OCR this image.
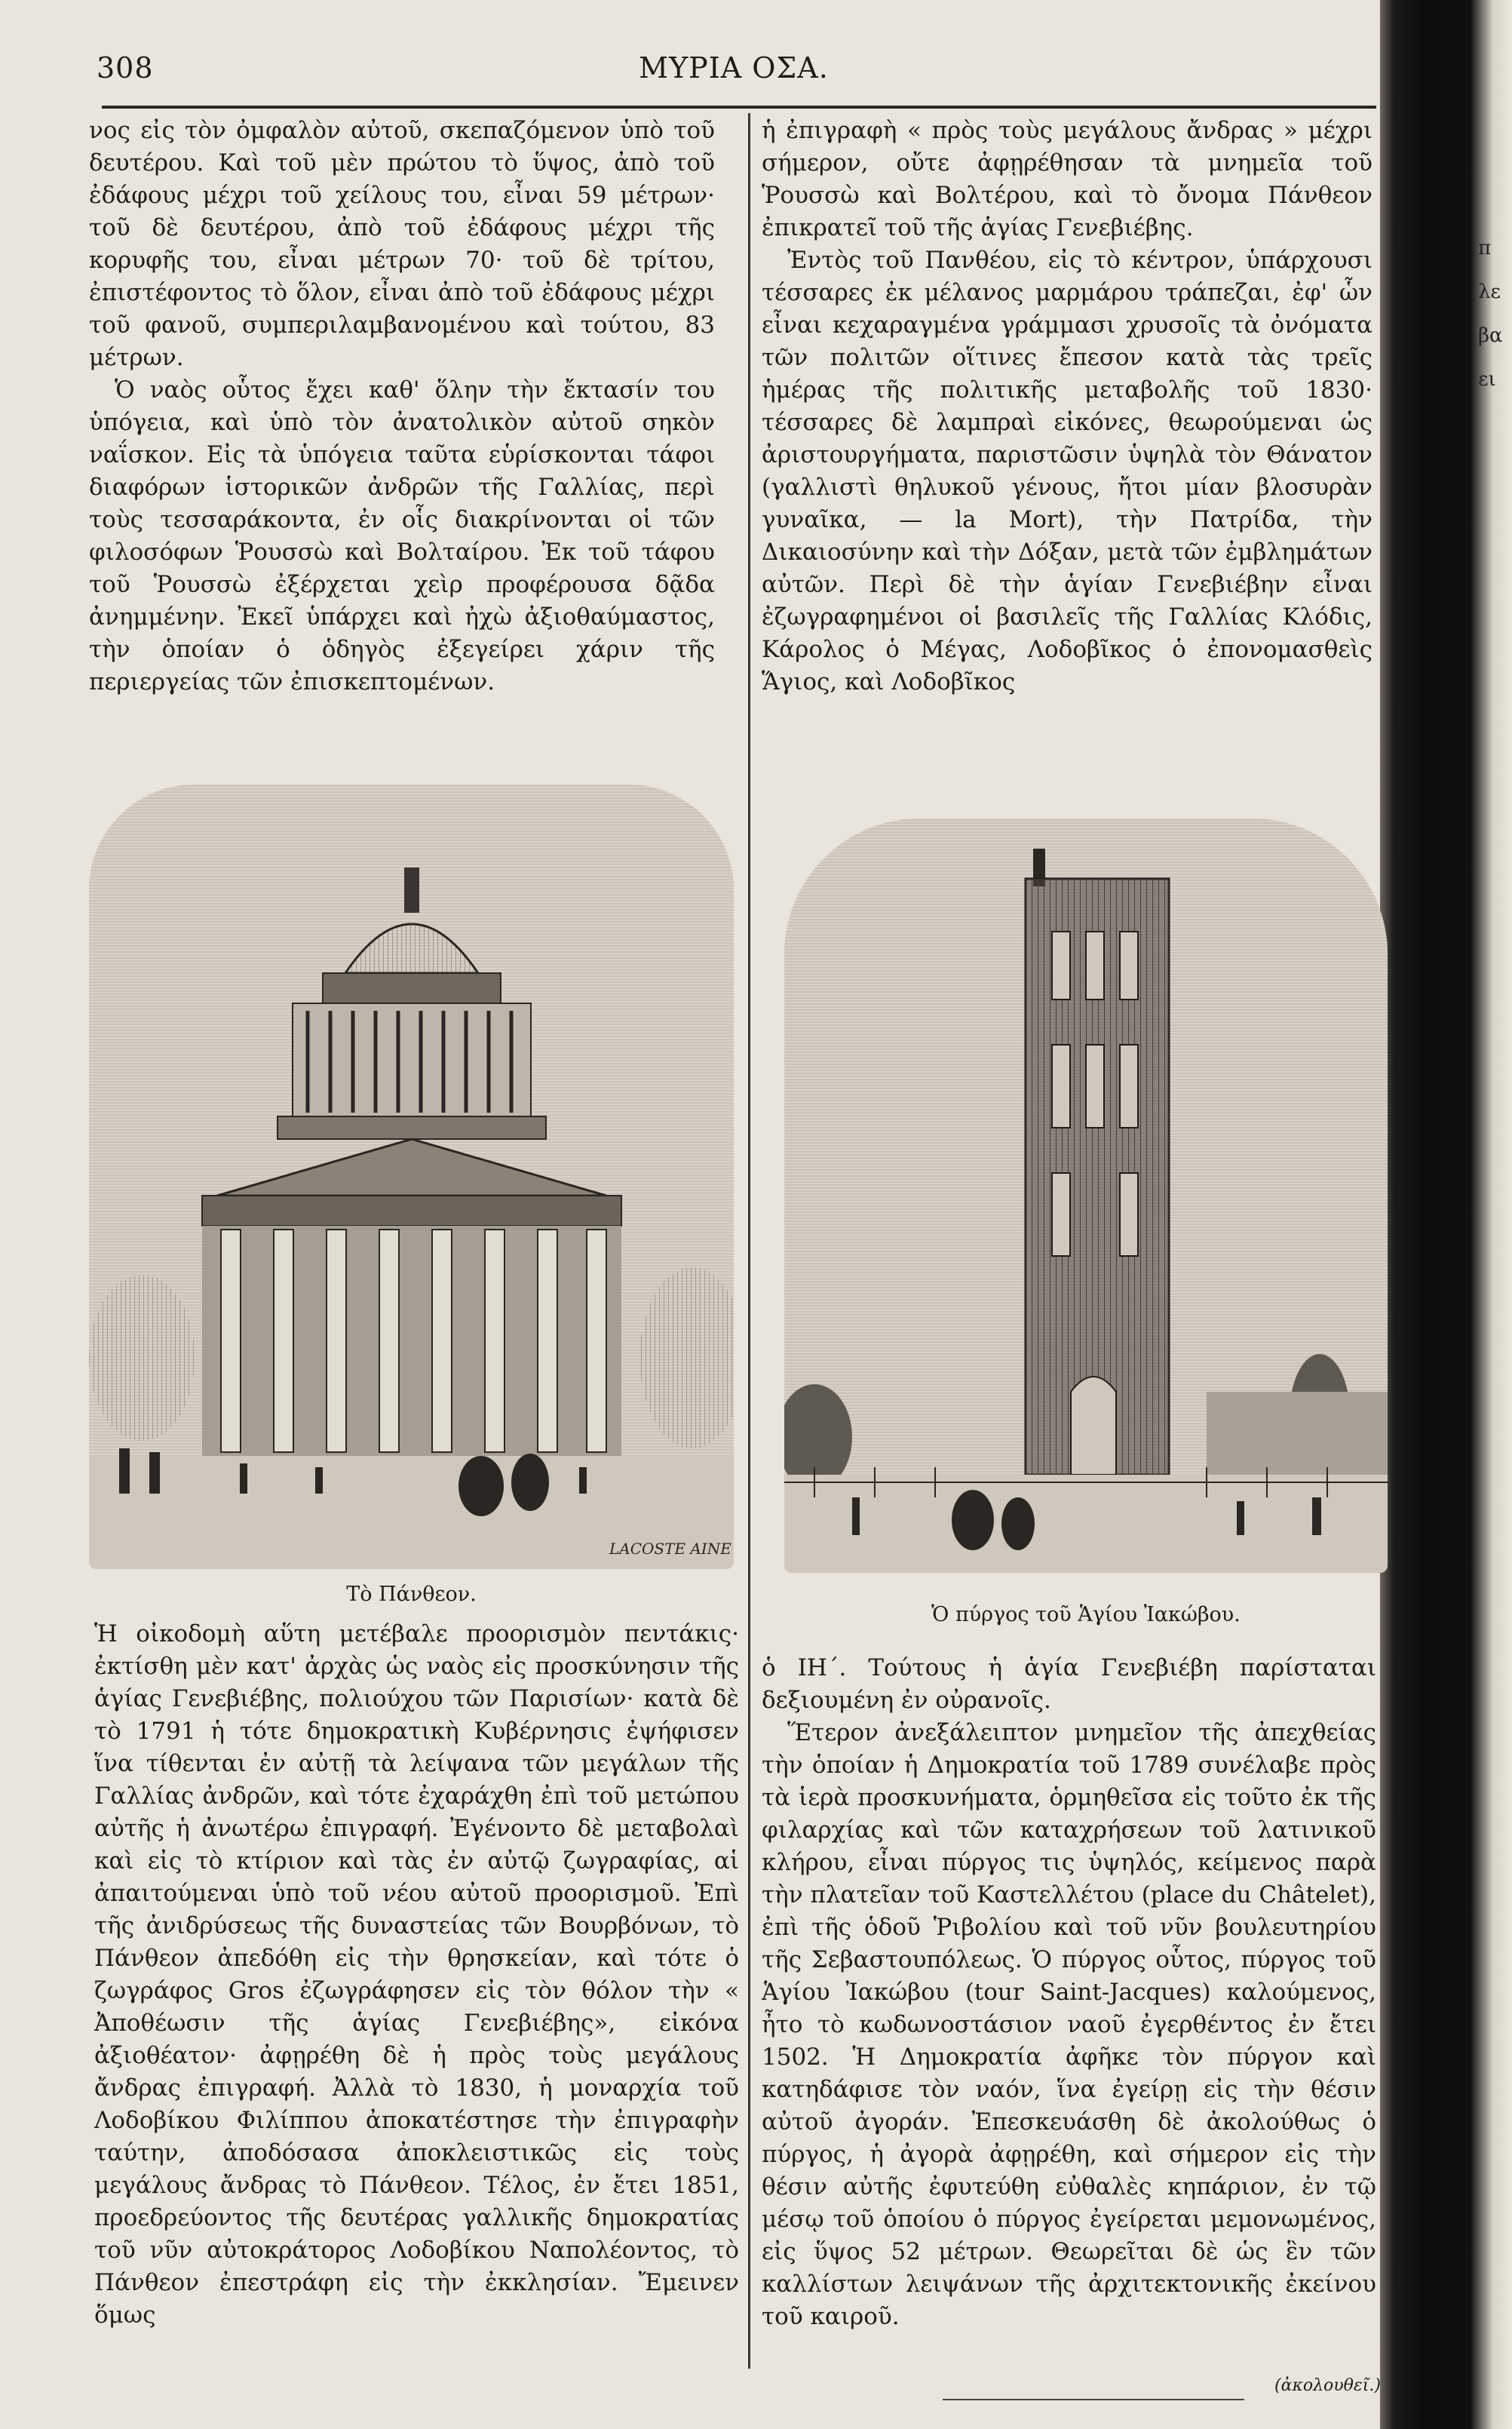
π
λε
βα
ει
308	ΜΥΡΙΑ ΟΣΑ.

νος εἰς τὸν ὀμφαλὸν αὐτοῦ, σκεπαζόμενον ὑπὸ τοῦ δευτέρου. Καὶ τοῦ μὲν πρώτου τὸ ὕψος, ἀπὸ τοῦ ἐδάφους μέχρι τοῦ χείλους του, εἶναι 59 μέτρων· τοῦ δὲ δευτέρου, ἀπὸ τοῦ ἐδάφους μέχρι τῆς κορυφῆς του, εἶναι μέτρων 70· τοῦ δὲ τρίτου, ἐπιστέφοντος τὸ ὅλον, εἶναι ἀπὸ τοῦ ἐδάφους μέχρι τοῦ φανοῦ, συμπεριλαμβανομένου καὶ τούτου, 83 μέτρων.

Ὁ ναὸς οὗτος ἔχει καθ' ὅλην τὴν ἔκτασίν του ὑπόγεια, καὶ ὑπὸ τὸν ἀνατολικὸν αὐτοῦ σηκὸν ναΐσκον. Εἰς τὰ ὑπόγεια ταῦτα εὑρίσκονται τάφοι διαφόρων ἱστορικῶν ἀνδρῶν τῆς Γαλλίας, περὶ τοὺς τεσσαράκοντα, ἐν οἷς διακρίνονται οἱ τῶν φιλοσόφων Ῥουσσὼ καὶ Βολταίρου. Ἐκ τοῦ τάφου τοῦ Ῥουσσὼ ἐξέρχεται χεὶρ προφέρουσα δᾷδα ἀνημμένην. Ἐκεῖ ὑπάρχει καὶ ἠχὼ ἀξιοθαύμαστος, τὴν ὁποίαν ὁ ὁδηγὸς ἐξεγείρει χάριν τῆς περιεργείας τῶν ἐπισκεπτομένων.

ἡ ἐπιγραφὴ « πρὸς τοὺς μεγάλους ἄνδρας » μέχρι σήμερον, οὔτε ἀφῃρέθησαν τὰ μνημεῖα τοῦ Ῥουσσὼ καὶ Βολτέρου, καὶ τὸ ὄνομα Πάνθεον ἐπικρατεῖ τοῦ τῆς ἁγίας Γενεβιέβης.

Ἐντὸς τοῦ Πανθέου, εἰς τὸ κέντρον, ὑπάρχουσι τέσσαρες ἐκ μέλανος μαρμάρου τράπεζαι, ἐφ' ὧν εἶναι κεχαραγμένα γράμμασι χρυσοῖς τὰ ὀνόματα τῶν πολιτῶν οἵτινες ἔπεσον κατὰ τὰς τρεῖς ἡμέρας τῆς πολιτικῆς μεταβολῆς τοῦ 1830· τέσσαρες δὲ λαμπραὶ εἰκόνες, θεωρούμεναι ὡς ἀριστουργήματα, παριστῶσιν ὑψηλὰ τὸν Θάνατον (γαλλιστὶ θηλυκοῦ γένους, ἤτοι μίαν βλοσυρὰν γυναῖκα, — la Mort), τὴν Πατρίδα, τὴν Δικαιοσύνην καὶ τὴν Δόξαν, μετὰ τῶν ἐμβλημάτων αὐτῶν. Περὶ δὲ τὴν ἁγίαν Γενεβιέβην εἶναι ἐζωγραφημένοι οἱ βασιλεῖς τῆς Γαλλίας Κλόδις, Κάρολος ὁ Μέγας, Λοδοβῖκος ὁ ἐπονομασθεὶς Ἅγιος, καὶ Λοδοβῖκος

LACOSTE AINE
Τὸ Πάνθεον.
Ὁ πύργος τοῦ Ἁγίου Ἰακώβου.

Ἡ οἰκοδομὴ αὕτη μετέβαλε προορισμὸν πεντάκις· ἐκτίσθη μὲν κατ' ἀρχὰς ὡς ναὸς εἰς προσκύνησιν τῆς ἁγίας Γενεβιέβης, πολιούχου τῶν Παρισίων· κατὰ δὲ τὸ 1791 ἡ τότε δημοκρατικὴ Κυβέρνησις ἐψήφισεν ἵνα τίθενται ἐν αὐτῇ τὰ λείψανα τῶν μεγάλων τῆς Γαλλίας ἀνδρῶν, καὶ τότε ἐχαράχθη ἐπὶ τοῦ μετώπου αὐτῆς ἡ ἀνωτέρω ἐπιγραφή. Ἐγένοντο δὲ μεταβολαὶ καὶ εἰς τὸ κτίριον καὶ τὰς ἐν αὐτῷ ζωγραφίας, αἱ ἀπαιτούμεναι ὑπὸ τοῦ νέου αὐτοῦ προορισμοῦ. Ἐπὶ τῆς ἀνιδρύσεως τῆς δυναστείας τῶν Βουρβόνων, τὸ Πάνθεον ἀπεδόθη εἰς τὴν θρησκείαν, καὶ τότε ὁ ζωγράφος Gros ἐζωγράφησεν εἰς τὸν θόλον τὴν « Ἀποθέωσιν τῆς ἁγίας Γενεβιέβης», εἰκόνα ἀξιοθέατον· ἀφῃρέθη δὲ ἡ πρὸς τοὺς μεγάλους ἄνδρας ἐπιγραφή. Ἀλλὰ τὸ 1830, ἡ μοναρχία τοῦ Λοδοβίκου Φιλίππου ἀποκατέστησε τὴν ἐπιγραφὴν ταύτην, ἀποδόσασα ἀποκλειστικῶς εἰς τοὺς μεγάλους ἄνδρας τὸ Πάνθεον. Τέλος, ἐν ἔτει 1851, προεδρεύοντος τῆς δευτέρας γαλλικῆς δημοκρατίας τοῦ νῦν αὐτοκράτορος Λοδοβίκου Ναπολέοντος, τὸ Πάνθεον ἐπεστράφη εἰς τὴν ἐκκλησίαν. Ἔμεινεν ὅμως

ὁ ΙΗ΄. Τούτους ἡ ἁγία Γενεβιέβη παρίσταται δεξιουμένη ἐν οὐρανοῖς.

Ἕτερον ἀνεξάλειπτον μνημεῖον τῆς ἀπεχθείας τὴν ὁποίαν ἡ Δημοκρατία τοῦ 1789 συνέλαβε πρὸς τὰ ἱερὰ προσκυνήματα, ὁρμηθεῖσα εἰς τοῦτο ἐκ τῆς φιλαρχίας καὶ τῶν καταχρήσεων τοῦ λατινικοῦ κλήρου, εἶναι πύργος τις ὑψηλός, κείμενος παρὰ τὴν πλατεῖαν τοῦ Καστελλέτου (place du Châtelet), ἐπὶ τῆς ὁδοῦ Ῥιβολίου καὶ τοῦ νῦν βουλευτηρίου τῆς Σεβαστουπόλεως. Ὁ πύργος οὗτος, πύργος τοῦ Ἁγίου Ἰακώβου (tour Saint-Jacques) καλούμενος, ἦτο τὸ κωδωνοστάσιον ναοῦ ἐγερθέντος ἐν ἔτει 1502. Ἡ Δημοκρατία ἀφῆκε τὸν πύργον καὶ κατηδάφισε τὸν ναόν, ἵνα ἐγείρῃ εἰς τὴν θέσιν αὐτοῦ ἀγοράν. Ἐπεσκευάσθη δὲ ἀκολούθως ὁ πύργος, ἡ ἀγορὰ ἀφῃρέθη, καὶ σήμερον εἰς τὴν θέσιν αὐτῆς ἐφυτεύθη εὐθαλὲς κηπάριον, ἐν τῷ μέσῳ τοῦ ὁποίου ὁ πύργος ἐγείρεται μεμονωμένος, εἰς ὕψος 52 μέτρων. Θεωρεῖται δὲ ὡς ἓν τῶν καλλίστων λειψάνων τῆς ἀρχιτεκτονικῆς ἐκείνου τοῦ καιροῦ.

(ἀκολουθεῖ.)
